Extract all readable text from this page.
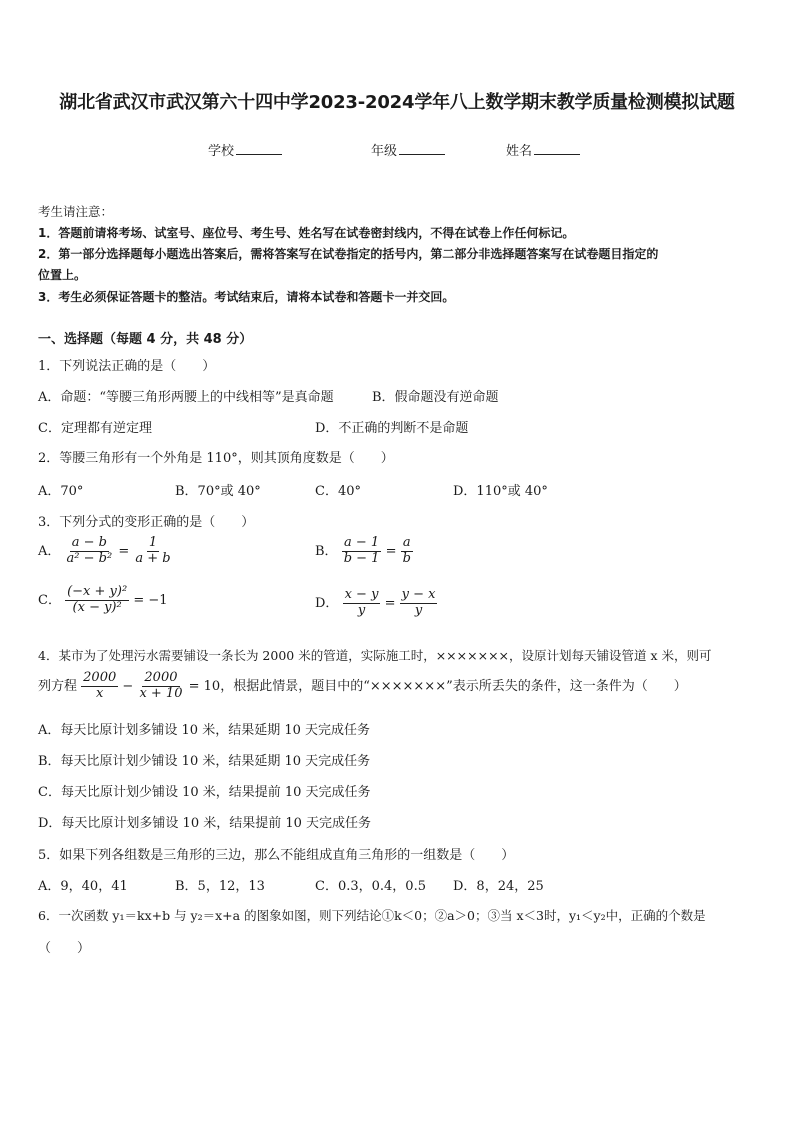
湖北省武汉市武汉第六十四中学2023-2024学年八上数学期末教学质量检测模拟试题
学校	年级	姓名
考生请注意：
1．答题前请将考场、试室号、座位号、考生号、姓名写在试卷密封线内，不得在试卷上作任何标记。
2．第一部分选择题每小题选出答案后，需将答案写在试卷指定的括号内，第二部分非选择题答案写在试卷题目指定的
位置上。
3．考生必须保证答题卡的整洁。考试结束后，请将本试卷和答题卡一并交回。
一、选择题（每题 4 分，共 48 分）
1．下列说法正确的是（　　）
A．命题：“等腰三角形两腰上的中线相等”是真命题	B．假命题没有逆命题
C．定理都有逆定理	D．不正确的判断不是命题
2．等腰三角形有一个外角是 110°，则其顶角度数是（　　）
A．70°	B．70°或 40°	C．40°	D．110°或 40°
3．下列分式的变形正确的是（　　）
A． $\frac{a - b}{\text{a² − b²}} = \frac{1}{a + b}$	B． $\frac{a - 1}{b - 1} = \frac{a}{b}$
C． $\frac{\text{(−x + y)²}}{\text{(x − y)²}} = -1$	D． $\frac{x - y}{y} = \frac{y - x}{y}$
4．某市为了处理污水需要铺设一条长为 2000 米的管道，实际施工时，×××××××，设原计划每天铺设管道 x 米，则可
列方程 $\frac{2000}{x} - \frac{2000}{x + 10} = 10$，根据此情景，题目中的“×××××××”表示所丢失的条件，这一条件为（　　）
A．每天比原计划多铺设 10 米，结果延期 10 天完成任务
B．每天比原计划少铺设 10 米，结果延期 10 天完成任务
C．每天比原计划少铺设 10 米，结果提前 10 天完成任务
D．每天比原计划多铺设 10 米，结果提前 10 天完成任务
5．如果下列各组数是三角形的三边，那么不能组成直角三角形的一组数是（　　）
A．9，40，41	B．5，12，13	C．0.3，0.4，0.5 D．8，24，25
6．一次函数 y₁＝kx+b 与 y₂＝x+a 的图象如图，则下列结论①k＜0；②a＞0；③当 x＜3时，y₁＜y₂中，正确的个数是
（　　）
